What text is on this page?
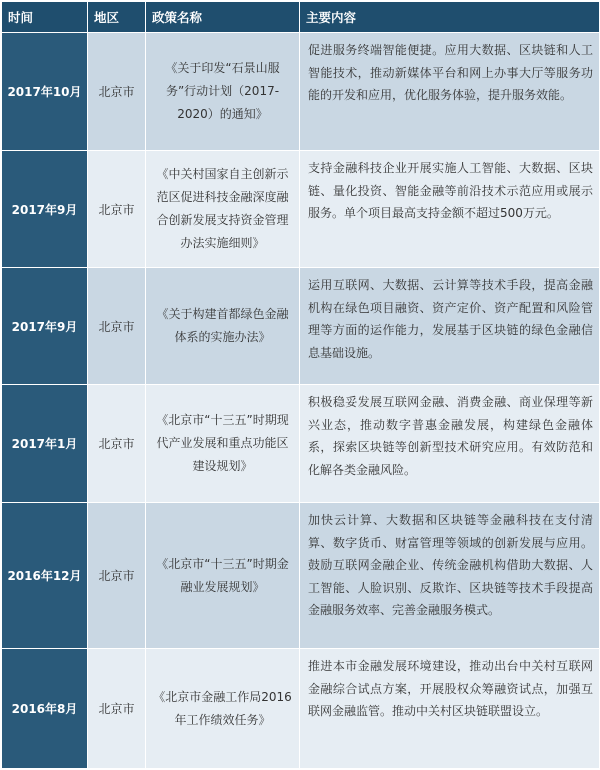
时间	地区	政策名称	主要内容
2017年10月	北京市	《关于印发“石景山服务”行动计划（2017-2020）的通知》	促进服务终端智能便捷。应用大数据、区块链和人工智能技术，推动新媒体平台和网上办事大厅等服务功能的开发和应用，优化服务体验，提升服务效能。
2017年9月	北京市	《中关村国家自主创新示范区促进科技金融深度融合创新发展支持资金管理办法实施细则》	支持金融科技企业开展实施人工智能、大数据、区块链、量化投资、智能金融等前沿技术示范应用或展示服务。单个项目最高支持金额不超过500万元。
2017年9月	北京市	《关于构建首都绿色金融体系的实施办法》	运用互联网、大数据、云计算等技术手段，提高金融机构在绿色项目融资、资产定价、资产配置和风险管理等方面的运作能力，发展基于区块链的绿色金融信息基础设施。
2017年1月	北京市	《北京市“十三五”时期现代产业发展和重点功能区建设规划》	积极稳妥发展互联网金融、消费金融、商业保理等新兴业态，推动数字普惠金融发展，构建绿色金融体系，探索区块链等创新型技术研究应用。有效防范和化解各类金融风险。
2016年12月	北京市	《北京市“十三五”时期金融业发展规划》	加快云计算、大数据和区块链等金融科技在支付清算、数字货币、财富管理等领域的创新发展与应用。鼓励互联网金融企业、传统金融机构借助大数据、人工智能、人脸识别、反欺诈、区块链等技术手段提高金融服务效率、完善金融服务模式。
2016年8月	北京市	《北京市金融工作局2016年工作绩效任务》	推进本市金融发展环境建设，推动出台中关村互联网金融综合试点方案，开展股权众筹融资试点，加强互联网金融监管。推动中关村区块链联盟设立。
